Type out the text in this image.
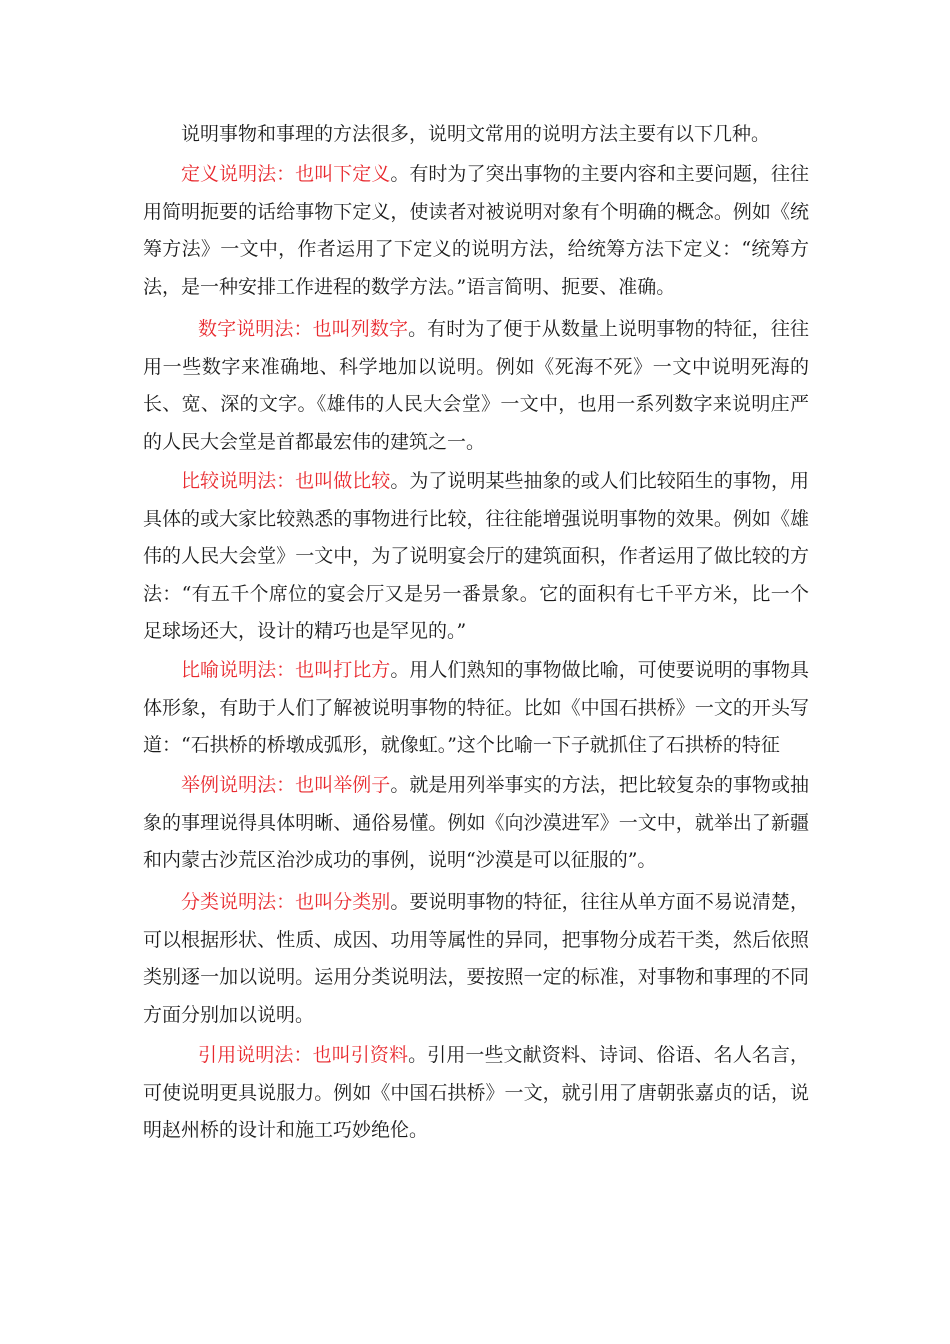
说明事物和事理的方法很多，说明文常用的说明方法主要有以下几种。

定义说明法：也叫下定义。有时为了突出事物的主要内容和主要问题，往往用简明扼要的话给事物下定义，使读者对被说明对象有个明确的概念。例如《统筹方法》一文中，作者运用了下定义的说明方法，给统筹方法下定义：“统筹方法，是一种安排工作进程的数学方法。”语言简明、扼要、准确。

数字说明法：也叫列数字。有时为了便于从数量上说明事物的特征，往往用一些数字来准确地、科学地加以说明。例如《死海不死》一文中说明死海的长、宽、深的文字。《雄伟的人民大会堂》一文中，也用一系列数字来说明庄严的人民大会堂是首都最宏伟的建筑之一。

比较说明法：也叫做比较。为了说明某些抽象的或人们比较陌生的事物，用具体的或大家比较熟悉的事物进行比较，往往能增强说明事物的效果。例如《雄伟的人民大会堂》一文中，为了说明宴会厅的建筑面积，作者运用了做比较的方法：“有五千个席位的宴会厅又是另一番景象。它的面积有七千平方米，比一个足球场还大，设计的精巧也是罕见的。”

比喻说明法：也叫打比方。用人们熟知的事物做比喻，可使要说明的事物具体形象，有助于人们了解被说明事物的特征。比如《中国石拱桥》一文的开头写道：“石拱桥的桥墩成弧形，就像虹。”这个比喻一下子就抓住了石拱桥的特征

举例说明法：也叫举例子。就是用列举事实的方法，把比较复杂的事物或抽象的事理说得具体明晰、通俗易懂。例如《向沙漠进军》一文中，就举出了新疆和内蒙古沙荒区治沙成功的事例，说明“沙漠是可以征服的”。

分类说明法：也叫分类别。要说明事物的特征，往往从单方面不易说清楚，可以根据形状、性质、成因、功用等属性的异同，把事物分成若干类，然后依照类别逐一加以说明。运用分类说明法，要按照一定的标准，对事物和事理的不同方面分别加以说明。

引用说明法：也叫引资料。引用一些文献资料、诗词、俗语、名人名言，可使说明更具说服力。例如《中国石拱桥》一文，就引用了唐朝张嘉贞的话，说明赵州桥的设计和施工巧妙绝伦。
